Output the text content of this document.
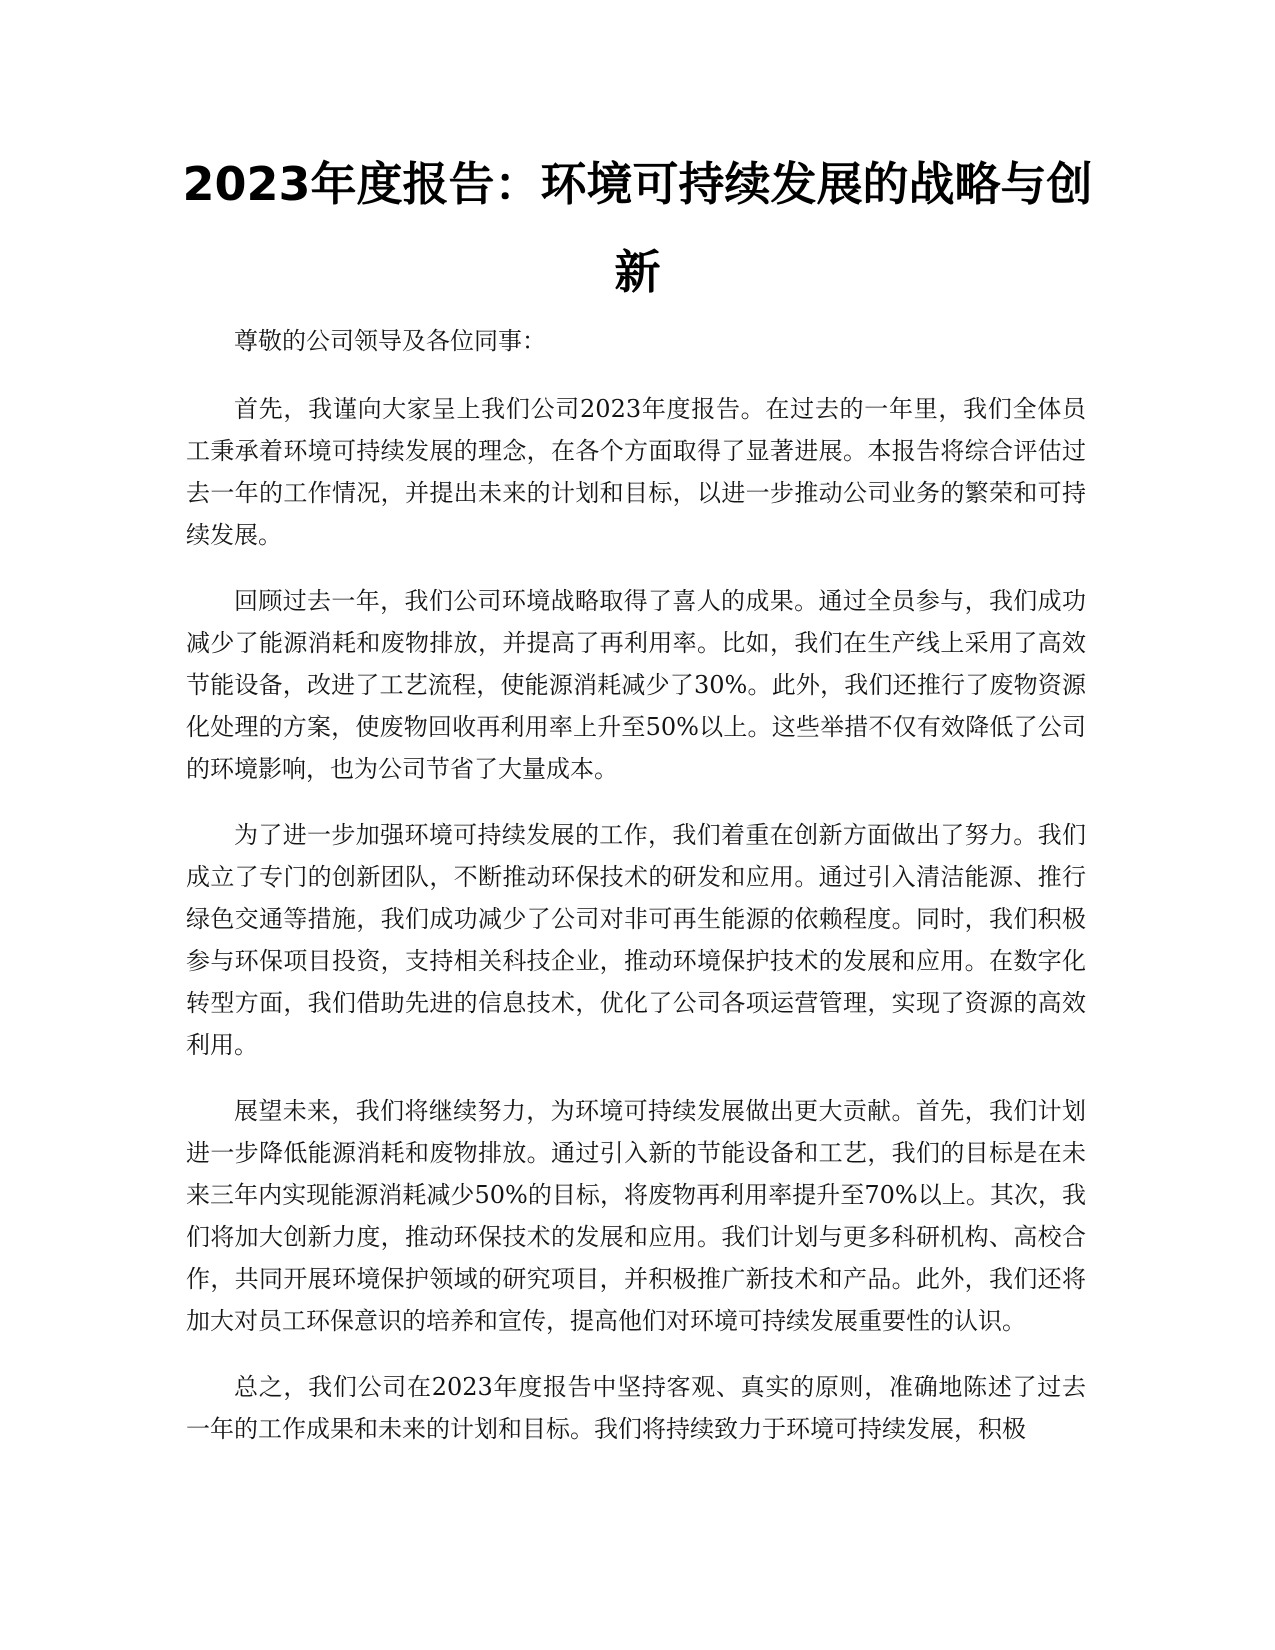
2023年度报告：环境可持续发展的战略与创新

尊敬的公司领导及各位同事：

首先，我谨向大家呈上我们公司2023年度报告。在过去的一年里，我们全体员工秉承着环境可持续发展的理念，在各个方面取得了显著进展。本报告将综合评估过去一年的工作情况，并提出未来的计划和目标，以进一步推动公司业务的繁荣和可持续发展。

回顾过去一年，我们公司环境战略取得了喜人的成果。通过全员参与，我们成功减少了能源消耗和废物排放，并提高了再利用率。比如，我们在生产线上采用了高效节能设备，改进了工艺流程，使能源消耗减少了30%。此外，我们还推行了废物资源化处理的方案，使废物回收再利用率上升至50%以上。这些举措不仅有效降低了公司的环境影响，也为公司节省了大量成本。

为了进一步加强环境可持续发展的工作，我们着重在创新方面做出了努力。我们成立了专门的创新团队，不断推动环保技术的研发和应用。通过引入清洁能源、推行绿色交通等措施，我们成功减少了公司对非可再生能源的依赖程度。同时，我们积极参与环保项目投资，支持相关科技企业，推动环境保护技术的发展和应用。在数字化转型方面，我们借助先进的信息技术，优化了公司各项运营管理，实现了资源的高效利用。

展望未来，我们将继续努力，为环境可持续发展做出更大贡献。首先，我们计划进一步降低能源消耗和废物排放。通过引入新的节能设备和工艺，我们的目标是在未来三年内实现能源消耗减少50%的目标，将废物再利用率提升至70%以上。其次，我们将加大创新力度，推动环保技术的发展和应用。我们计划与更多科研机构、高校合作，共同开展环境保护领域的研究项目，并积极推广新技术和产品。此外，我们还将加大对员工环保意识的培养和宣传，提高他们对环境可持续发展重要性的认识。

总之，我们公司在2023年度报告中坚持客观、真实的原则，准确地陈述了过去一年的工作成果和未来的计划和目标。我们将持续致力于环境可持续发展，积极
